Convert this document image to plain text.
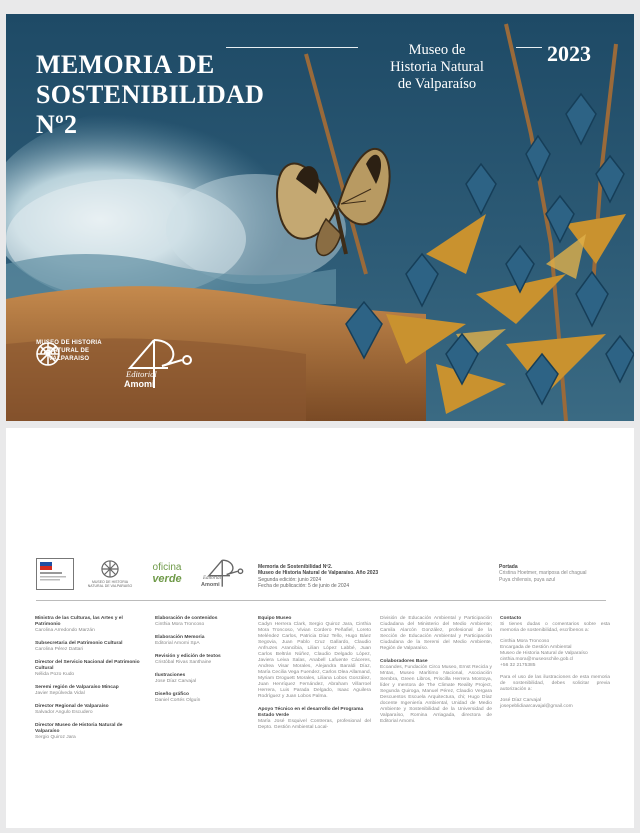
MEMORIA DE
SOSTENIBILIDAD
Nº2
Museo de
Historia Natural
de Valparaíso
2023
MUSEO DE HISTORIA
NATURAL DE VALPARAISO
Editorial
Amomi
MUSEO DE HISTORIA NATURAL DE VALPARAISO
oficina
verde	Editorial
Amomi
Memoria de Sostenibilidad Nº2.
Museo de Historia Natural de Valparaíso. Año 2023
Segunda edición: junio 2024
Fecha de publicación: 5 de junio de 2024
Portada
Cristina Hoetmer, mariposa del chagual
Puya chilensis, puya azul
Ministra de las Culturas, las Artes y el Patrimonio
Carolina Arredondo Marzán
Subsecretaria del Patrimonio Cultural
Carolina Pérez Dattari
Director del Servicio Nacional del Patrimonio Cultural
Nélida Pozo Kudo
Seremi región de Valparaíso Mincap
Javier Sepúlveda Vidal
Director Regional de Valparaíso
Salvador Angulo Escudero
Director Museo de Historia Natural de Valparaíso
Sergio Quiroz Jara
Elaboración de contenidos
Cinthia Mora Troncoso
Elaboración Memoria
Editorial Amomi SpA
Revisión y edición de textos
Cristóbal Rivas Santhaine
Ilustraciones
Jose Díaz Carvajal
Diseño gráfico
Daniel Cortés Olguín
Equipo Museo
Cadyn Herrera Clark, Sergio Quiroz Jara, Cinthia Mora Troncoso, Vivian Cordero Peñafiel, Loreto Meléndez Carlos, Patricia Díaz Tello, Hugo Báez Segovia, Juan Pablo Cruz Gallardo, Claudio Anfruzes Arancibia, Lilian López Labbé, Juan Carlos Beltrán Núñez, Claudio Delgado López, Javiera Leiva Salas, Anabell Lafuente Cáceres, Andrea Visar Morales, Alejandra Baraldi Díaz, María Cecilia Vega Fuendez, Carlos Olea Allamand, Myriam Droguett Morales, Liliana Lobos González, Juan Henríquez Fernández, Abraham Villarroel Herrera, Luis Parada Delgado, Isaac Aguilera Rodríguez y Juan Lobos Palma.
Apoyo Técnico en el desarrollo del Programa Estado Verde
María José Esquivel Contreras, profesional del Depto. Gestión Ambiental Local-
División de Educación Ambiental y Participación Ciudadana del Ministerio del Medio Ambiente; Camila Alarcón González, profesional de la Sección de Educación Ambiental y Participación Ciudadana de la Seremi del Medio Ambiente, Región de Valparaíso.
Colaboradores Base
Ecoandes, Fundación Circo Museo, Ernst Recicla y Mntas, Museo Marítimo Nacional, Asociación Sembra, Green Libros, Priscilla Herrera Montoya, líder y mentora de The Climate Reality Project, Segunda Quiroga, Manuel Pérez, Claudio Vergara Descuentos Escuela Arquitectura, chi; Hugo Díaz docente Ingeniería Ambiental, Unidad de Medio Ambiente y Sostenibilidad de la Universidad de Valparaíso, Romina Arriagada, directora de Editorial Amomi.
Contacto
Si tienes dudas o comentarios sobre esta memoria de sostenibilidad, escríbenos a:
Cinthia Mora Troncoso
Encargada de Gestión Ambiental
Museo de Historia Natural de Valparaíso
cinthia.mora@museoschile.gob.cl
+56 32 2175385
Para el uso de las ilustraciones de esta memoria de sostenibilidad, debes solicitar previa autorización a:
José Díaz Carvajal
josepeblidiaarcavajal@gmail.com
